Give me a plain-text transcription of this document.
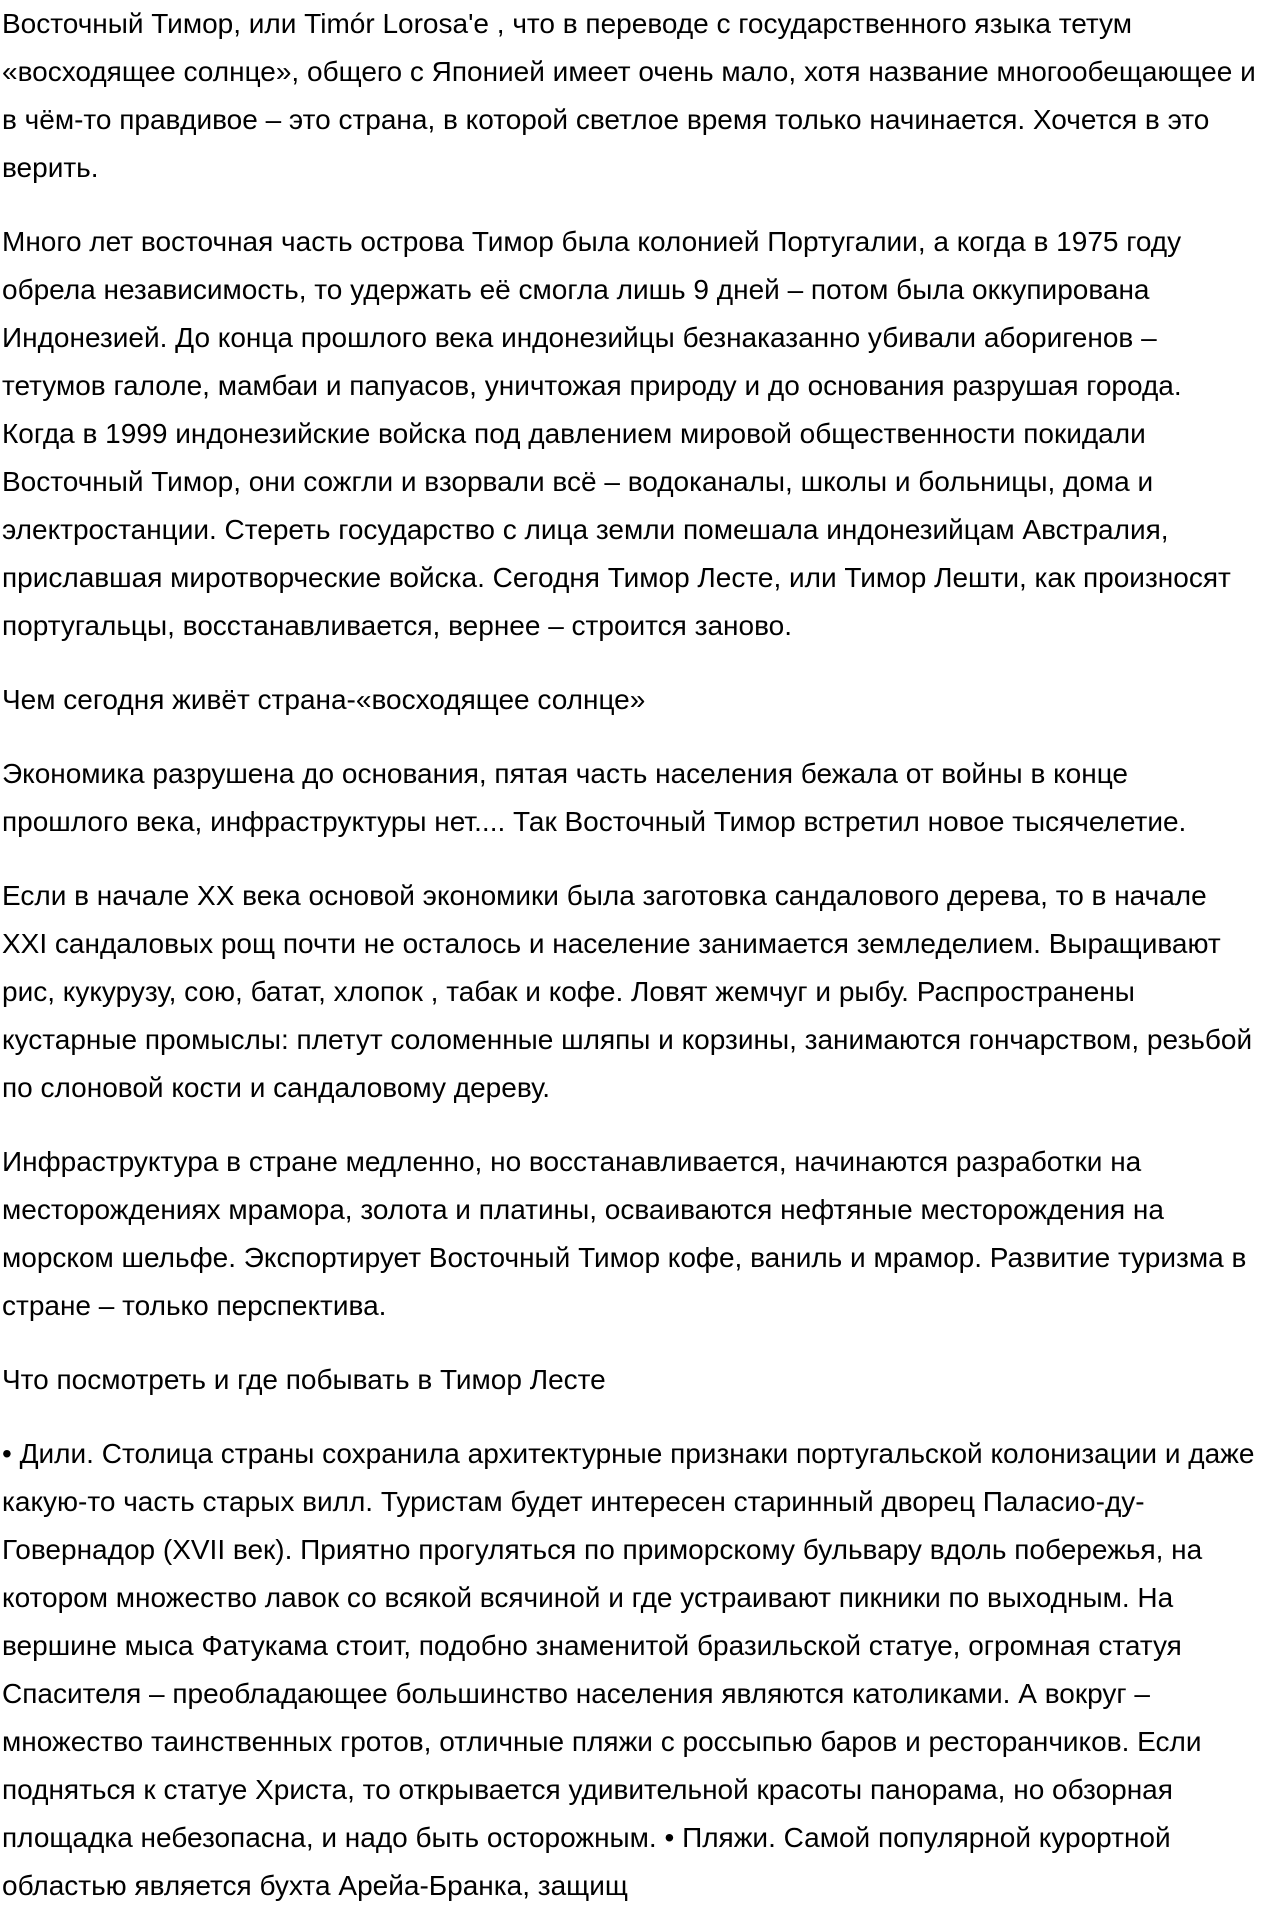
Восточный Тимор, или Timór Lorosa'e , что в переводе с государственного языка тетум «восходящее солнце», общего с Японией имеет очень мало, хотя название многообещающее и в чём-то правдивое – это страна, в которой светлое время только начинается. Хочется в это верить.

Много лет восточная часть острова Тимор была колонией Португалии, а когда в 1975 году обрела независимость, то удержать её смогла лишь 9 дней – потом была оккупирована Индонезией. До конца прошлого века индонезийцы безнаказанно убивали аборигенов – тетумов галоле, мамбаи и папуасов, уничтожая природу и до основания разрушая города. Когда в 1999 индонезийские войска под давлением мировой общественности покидали Восточный Тимор, они сожгли и взорвали всё – водоканалы, школы и больницы, дома и электростанции. Стереть государство с лица земли помешала индонезийцам Австралия, приславшая миротворческие войска. Сегодня Тимор Лесте, или Тимор Лешти, как произносят португальцы, восстанавливается, вернее – строится заново.

Чем сегодня живёт страна-«восходящее солнце»

Экономика разрушена до основания, пятая часть населения бежала от войны в конце прошлого века, инфраструктуры нет.... Так Восточный Тимор встретил новое тысячелетие.

Если в начале XX века основой экономики была заготовка сандалового дерева, то в начале XXI сандаловых рощ почти не осталось и население занимается земледелием. Выращивают рис, кукурузу, сою, батат, хлопок , табак и кофе. Ловят жемчуг и рыбу. Распространены кустарные промыслы: плетут соломенные шляпы и корзины, занимаются гончарством, резьбой по слоновой кости и сандаловому дереву.

Инфраструктура в стране медленно, но восстанавливается, начинаются разработки на месторождениях мрамора, золота и платины, осваиваются нефтяные месторождения на морском шельфе. Экспортирует Восточный Тимор кофе, ваниль и мрамор. Развитие туризма в стране – только перспектива.

Что посмотреть и где побывать в Тимор Лесте

• Дили. Столица страны сохранила архитектурные признаки португальской колонизации и даже какую-то часть старых вилл. Туристам будет интересен старинный дворец Паласио-ду-Говернадор (XVII век). Приятно прогуляться по приморскому бульвару вдоль побережья, на котором множество лавок со всякой всячиной и где устраивают пикники по выходным. На вершине мыса Фатукама стоит, подобно знаменитой бразильской статуе, огромная статуя Спасителя – преобладающее большинство населения являются католиками. А вокруг – множество таинственных гротов, отличные пляжи с россыпью баров и ресторанчиков. Если подняться к статуе Христа, то открывается удивительной красоты панорама, но обзорная площадка небезопасна, и надо быть осторожным. • Пляжи. Самой популярной курортной областью является бухта Арейа-Бранка, защищ
